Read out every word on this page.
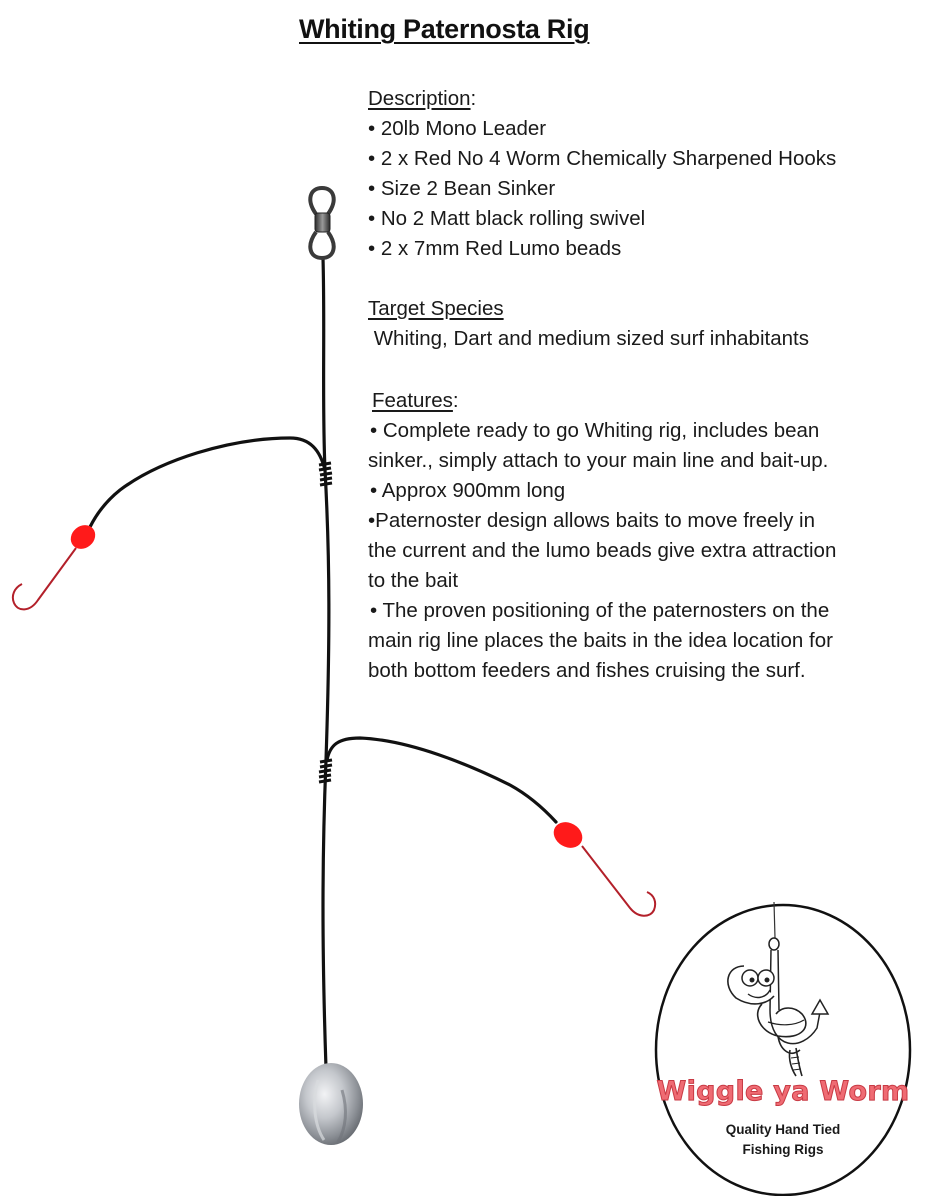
Whiting Paternosta Rig
Description:
• 20lb Mono Leader
• 2 x Red No 4 Worm Chemically Sharpened Hooks
• Size 2 Bean Sinker
• No 2 Matt black rolling swivel
• 2 x 7mm Red Lumo beads
Target Species
Whiting, Dart and medium sized surf inhabitants
Features:
• Complete ready to go Whiting rig, includes bean
sinker., simply attach to your main line and bait-up.
• Approx 900mm long
•Paternoster design allows baits to move freely in
the current and the lumo beads give extra attraction
to the bait
• The proven positioning of the paternosters on the
main rig line places the baits in the idea location for
both bottom feeders and fishes cruising the surf.
Wiggle ya Worm
Quality Hand Tied
Fishing Rigs
